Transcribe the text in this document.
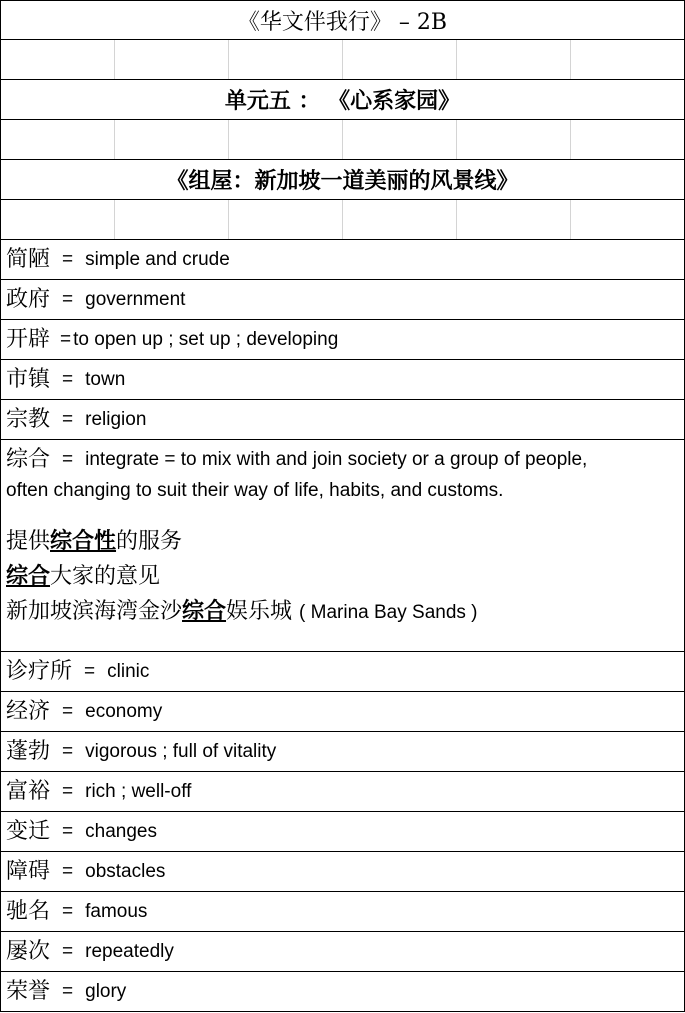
《华文伴我行》 – 2B
单元五 ： 《心系家园》
《组屋：新加坡一道美丽的风景线》
简陋 = simple and crude
政府 = government
开辟 = to open up ; set up ; developing
市镇 = town
宗教 = religion
综合 = integrate = to mix with and join society or a group of people,
often changing to suit their way of life, habits, and customs.
提供综合性的服务
综合大家的意见
新加坡滨海湾金沙综合娱乐城 ( Marina Bay Sands )
诊疗所 = clinic
经济 = economy
蓬勃 = vigorous ; full of vitality
富裕 = rich ; well-off
变迁 = changes
障碍 = obstacles
驰名 = famous
屡次 = repeatedly
荣誉 = glory
